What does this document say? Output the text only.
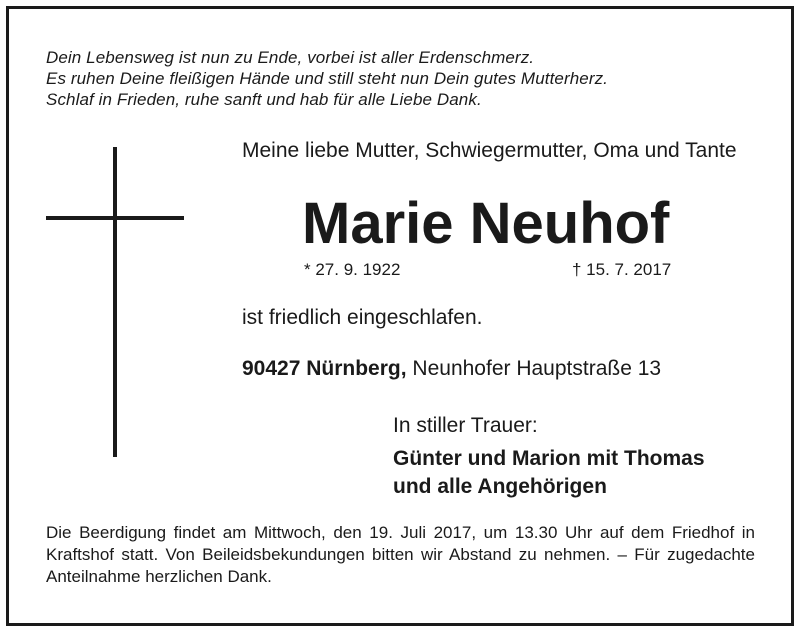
Dein Lebensweg ist nun zu Ende, vorbei ist aller Erdenschmerz.
Es ruhen Deine fleißigen Hände und still steht nun Dein gutes Mutterherz.
Schlaf in Frieden, ruhe sanft und hab für alle Liebe Dank.
Meine liebe Mutter, Schwiegermutter, Oma und Tante
Marie Neuhof
* 27. 9. 1922	† 15. 7. 2017
ist friedlich eingeschlafen.
90427 Nürnberg, Neunhofer Hauptstraße 13
In stiller Trauer:
Günter und Marion mit Thomas
und alle Angehörigen
Die Beerdigung findet am Mittwoch, den 19. Juli 2017, um 13.30 Uhr auf dem Friedhof in Kraftshof statt. Von Beileidsbekundungen bitten wir Abstand zu nehmen. – Für zugedachte Anteilnahme herzlichen Dank.
